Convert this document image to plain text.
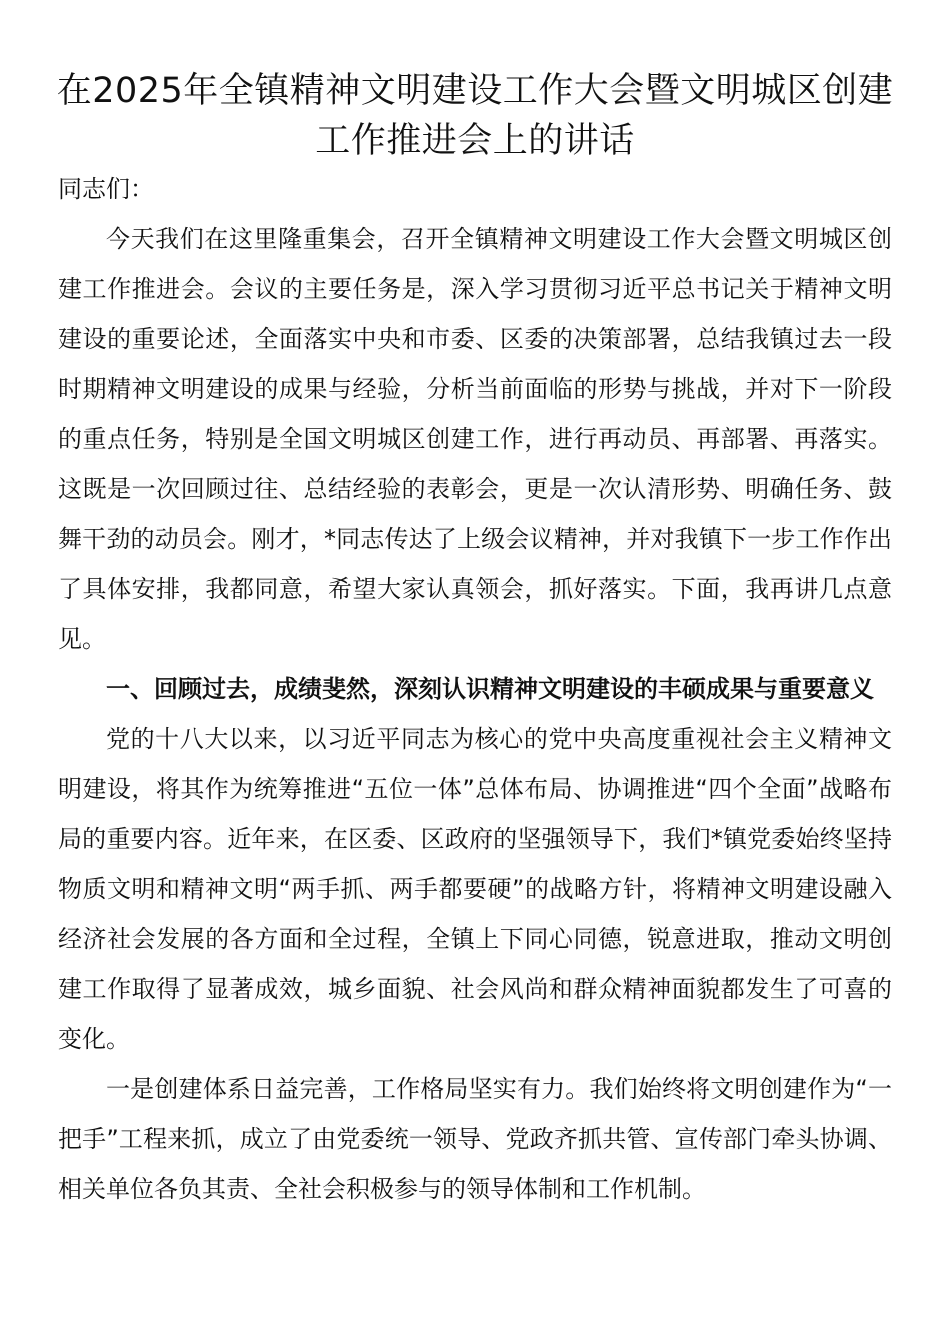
在2025年全镇精神文明建设工作大会暨文明城区创建工作推进会上的讲话

同志们：

今天我们在这里隆重集会，召开全镇精神文明建设工作大会暨文明城区创建工作推进会。会议的主要任务是，深入学习贯彻习近平总书记关于精神文明建设的重要论述，全面落实中央和市委、区委的决策部署，总结我镇过去一段时期精神文明建设的成果与经验，分析当前面临的形势与挑战，并对下一阶段的重点任务，特别是全国文明城区创建工作，进行再动员、再部署、再落实。这既是一次回顾过往、总结经验的表彰会，更是一次认清形势、明确任务、鼓舞干劲的动员会。刚才，*同志传达了上级会议精神，并对我镇下一步工作作出了具体安排，我都同意，希望大家认真领会，抓好落实。下面，我再讲几点意见。

一、回顾过去，成绩斐然，深刻认识精神文明建设的丰硕成果与重要意义

党的十八大以来，以习近平同志为核心的党中央高度重视社会主义精神文明建设，将其作为统筹推进“五位一体”总体布局、协调推进“四个全面”战略布局的重要内容。近年来，在区委、区政府的坚强领导下，我们*镇党委始终坚持物质文明和精神文明“两手抓、两手都要硬”的战略方针，将精神文明建设融入经济社会发展的各方面和全过程，全镇上下同心同德，锐意进取，推动文明创建工作取得了显著成效，城乡面貌、社会风尚和群众精神面貌都发生了可喜的变化。

一是创建体系日益完善，工作格局坚实有力。我们始终将文明创建作为“一把手”工程来抓，成立了由党委统一领导、党政齐抓共管、宣传部门牵头协调、相关单位各负其责、全社会积极参与的领导体制和工作机制。
